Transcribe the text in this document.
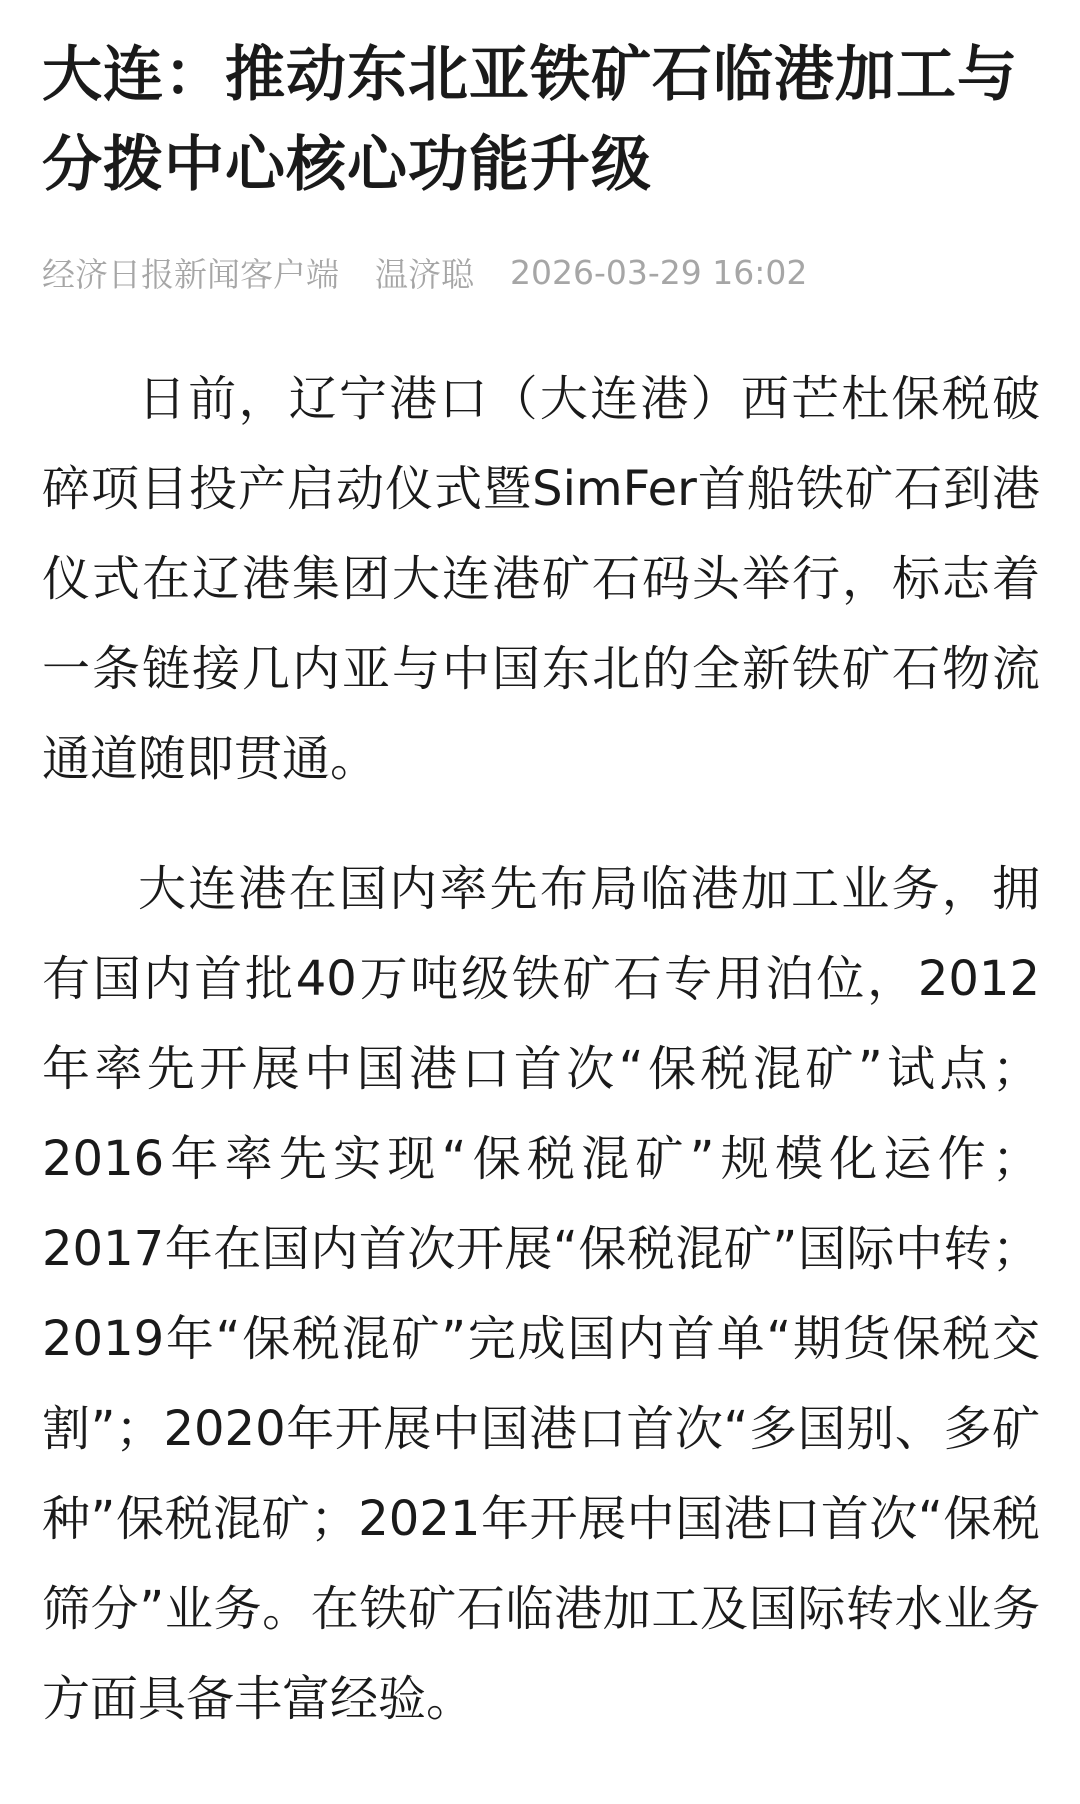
大连：推动东北亚铁矿石临港加工与分拨中心核心功能升级
经济日报新闻客户端 温济聪 2026-03-29 16:02

日前，辽宁港口（大连港）西芒杜保税破碎项目投产启动仪式暨SimFer首船铁矿石到港仪式在辽港集团大连港矿石码头举行，标志着一条链接几内亚与中国东北的全新铁矿石物流通道随即贯通。

大连港在国内率先布局临港加工业务，拥有国内首批40万吨级铁矿石专用泊位，2012年率先开展中国港口首次“保税混矿”试点；2016年率先实现“保税混矿”规模化运作；2017年在国内首次开展“保税混矿”国际中转；2019年“保税混矿”完成国内首单“期货保税交割”；2020年开展中国港口首次“多国别、多矿种”保税混矿；2021年开展中国港口首次“保税筛分”业务。在铁矿石临港加工及国际转水业务方面具备丰富经验。
